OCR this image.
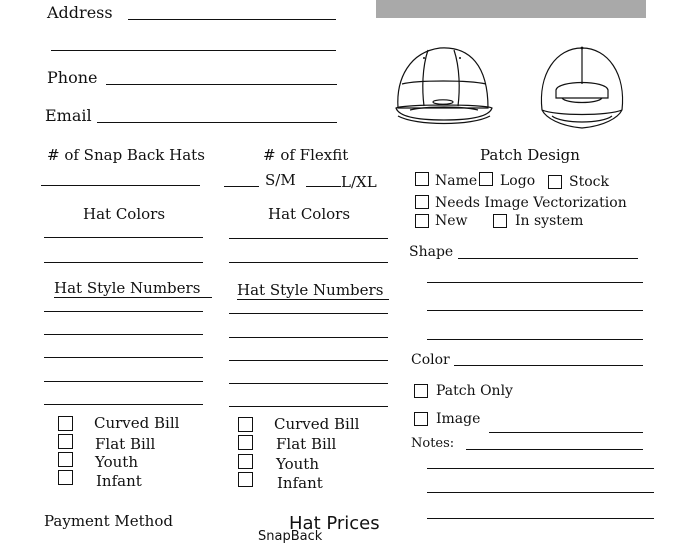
Address
Phone
Email
# of Snap Back Hats
Hat Colors
Hat Style Numbers
Curved Bill
Flat Bill
Youth
Infant
# of Flexfit
S/M	L/XL
Hat Colors
Hat Style Numbers
Curved Bill
Flat Bill
Youth
Infant
Patch Design
Name Logo Stock
Needs Image Vectorization
New	In system
Shape
Color
Patch Only
Image
Notes:
Payment Method	Hat Prices
SnapBack
